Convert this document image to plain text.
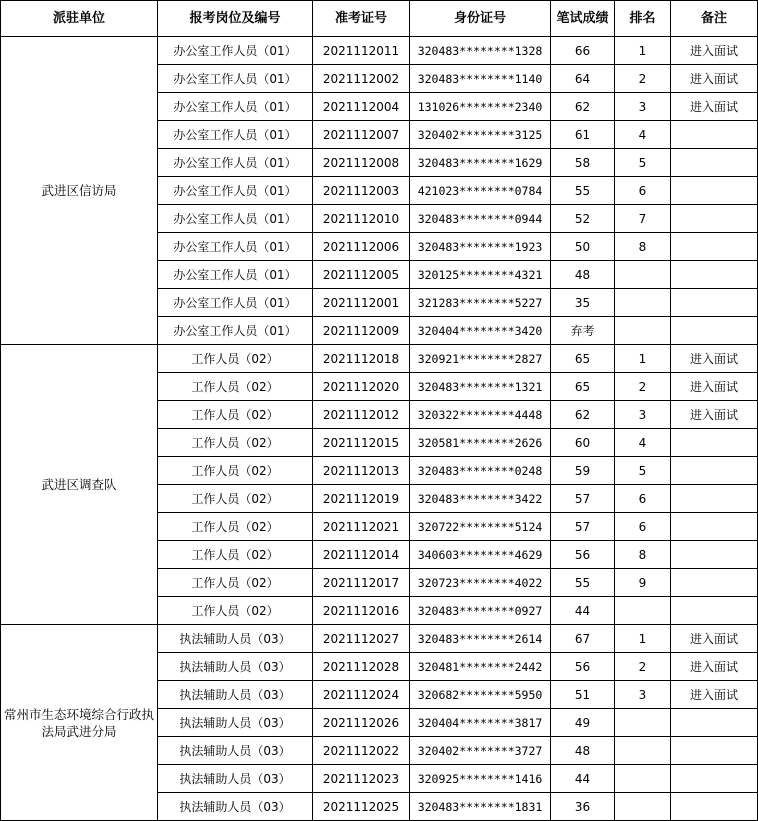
派驻单位	报考岗位及编号	准考证号	身份证号	笔试成绩	排名	备注
武进区信访局	办公室工作人员（01）	2021112011	320483********1328	66	1	进入面试
	办公室工作人员（01）	2021112002	320483********1140	64	2	进入面试
	办公室工作人员（01）	2021112004	131026********2340	62	3	进入面试
	办公室工作人员（01）	2021112007	320402********3125	61	4	
	办公室工作人员（01）	2021112008	320483********1629	58	5	
	办公室工作人员（01）	2021112003	421023********0784	55	6	
	办公室工作人员（01）	2021112010	320483********0944	52	7	
	办公室工作人员（01）	2021112006	320483********1923	50	8	
	办公室工作人员（01）	2021112005	320125********4321	48		
	办公室工作人员（01）	2021112001	321283********5227	35		
	办公室工作人员（01）	2021112009	320404********3420	弃考		
武进区调查队	工作人员（02）	2021112018	320921********2827	65	1	进入面试
	工作人员（02）	2021112020	320483********1321	65	2	进入面试
	工作人员（02）	2021112012	320322********4448	62	3	进入面试
	工作人员（02）	2021112015	320581********2626	60	4	
	工作人员（02）	2021112013	320483********0248	59	5	
	工作人员（02）	2021112019	320483********3422	57	6	
	工作人员（02）	2021112021	320722********5124	57	6	
	工作人员（02）	2021112014	340603********4629	56	8	
	工作人员（02）	2021112017	320723********4022	55	9	
	工作人员（02）	2021112016	320483********0927	44		
常州市生态环境综合行政执法局武进分局	执法辅助人员（03）	2021112027	320483********2614	67	1	进入面试
	执法辅助人员（03）	2021112028	320481********2442	56	2	进入面试
	执法辅助人员（03）	2021112024	320682********5950	51	3	进入面试
	执法辅助人员（03）	2021112026	320404********3817	49		
	执法辅助人员（03）	2021112022	320402********3727	48		
	执法辅助人员（03）	2021112023	320925********1416	44		
	执法辅助人员（03）	2021112025	320483********1831	36		
